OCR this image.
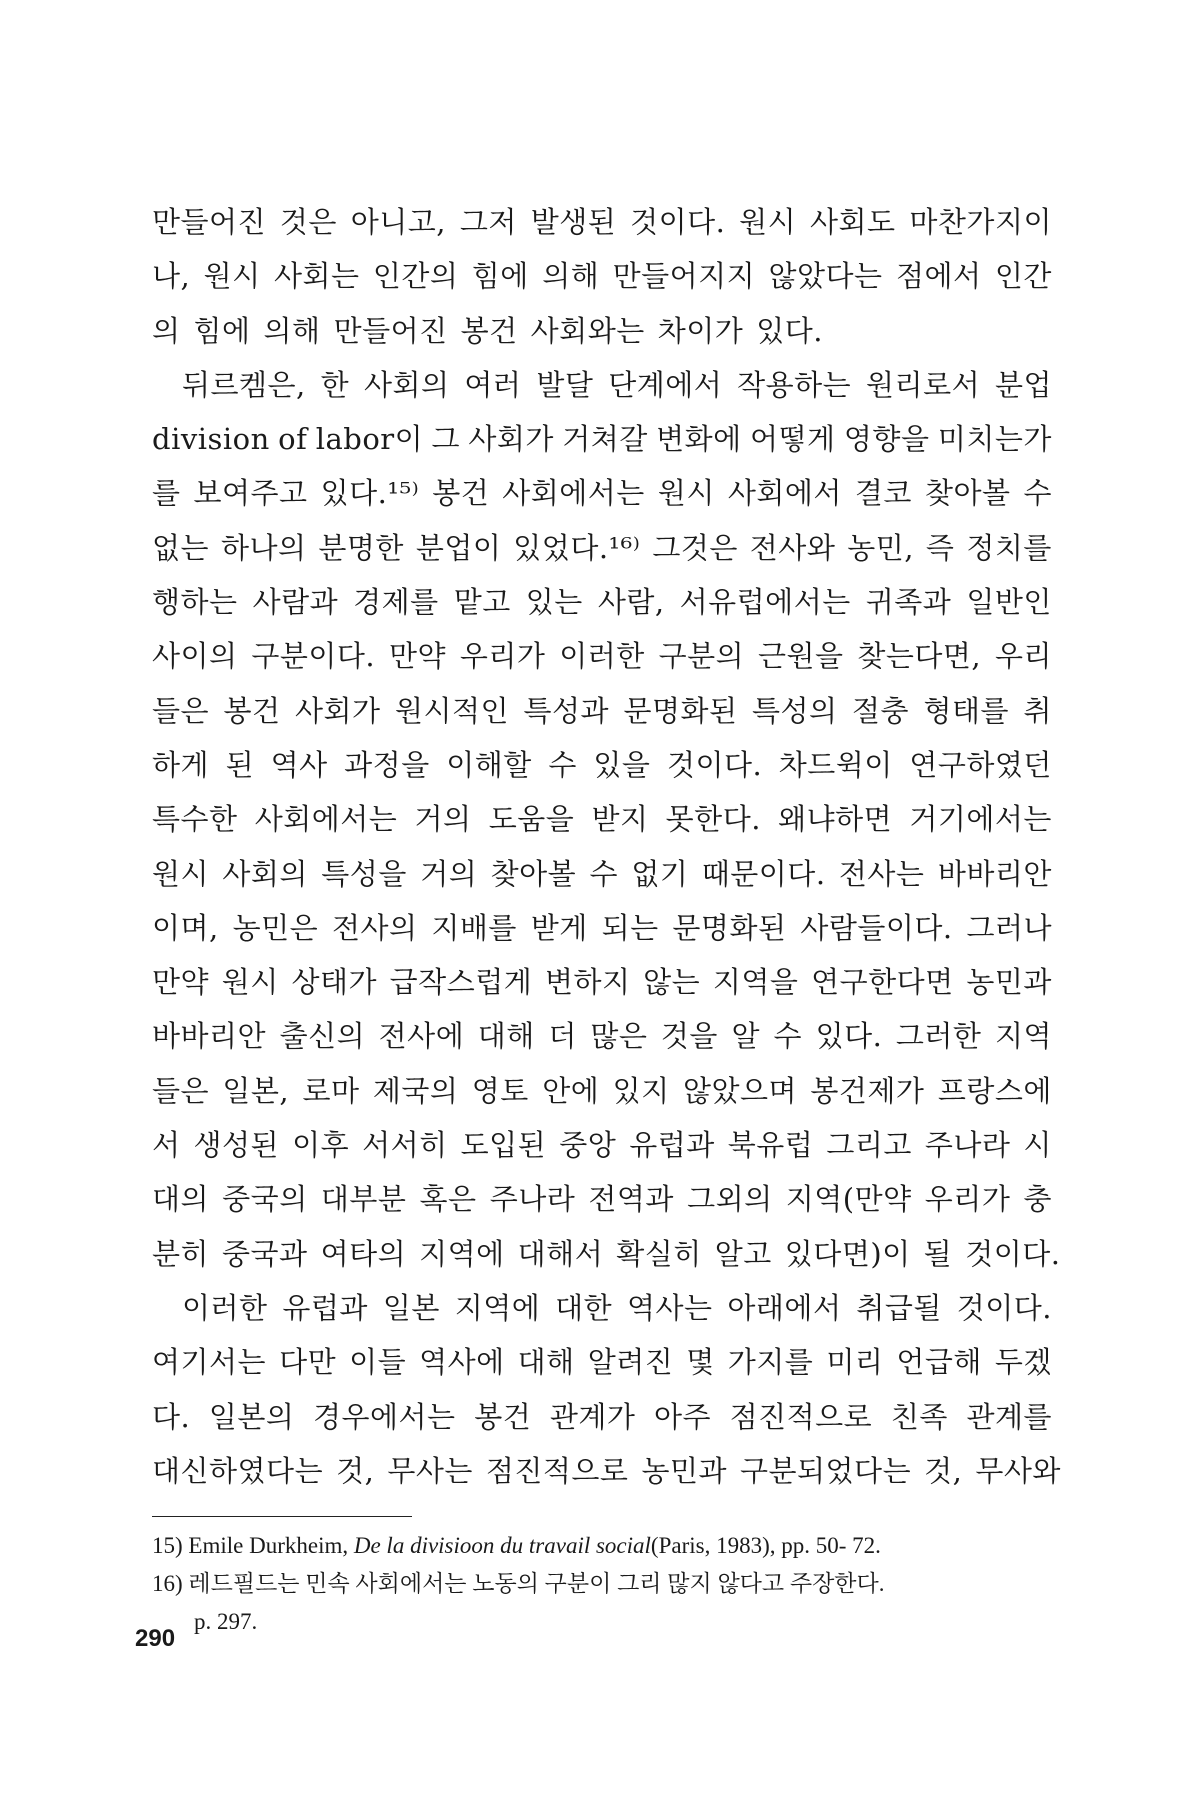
만들어진 것은 아니고, 그저 발생된 것이다. 원시 사회도 마찬가지이
나, 원시 사회는 인간의 힘에 의해 만들어지지 않았다는 점에서 인간
의 힘에 의해 만들어진 봉건 사회와는 차이가 있다.
뒤르켐은, 한 사회의 여러 발달 단계에서 작용하는 원리로서 분업
division of labor이 그 사회가 거쳐갈 변화에 어떻게 영향을 미치는가
를 보여주고 있다.¹⁵⁾ 봉건 사회에서는 원시 사회에서 결코 찾아볼 수
없는 하나의 분명한 분업이 있었다.¹⁶⁾ 그것은 전사와 농민, 즉 정치를
행하는 사람과 경제를 맡고 있는 사람, 서유럽에서는 귀족과 일반인
사이의 구분이다. 만약 우리가 이러한 구분의 근원을 찾는다면, 우리
들은 봉건 사회가 원시적인 특성과 문명화된 특성의 절충 형태를 취
하게 된 역사 과정을 이해할 수 있을 것이다. 차드윅이 연구하였던
특수한 사회에서는 거의 도움을 받지 못한다. 왜냐하면 거기에서는
원시 사회의 특성을 거의 찾아볼 수 없기 때문이다. 전사는 바바리안
이며, 농민은 전사의 지배를 받게 되는 문명화된 사람들이다. 그러나
만약 원시 상태가 급작스럽게 변하지 않는 지역을 연구한다면 농민과
바바리안 출신의 전사에 대해 더 많은 것을 알 수 있다. 그러한 지역
들은 일본, 로마 제국의 영토 안에 있지 않았으며 봉건제가 프랑스에
서 생성된 이후 서서히 도입된 중앙 유럽과 북유럽 그리고 주나라 시
대의 중국의 대부분 혹은 주나라 전역과 그외의 지역(만약 우리가 충
분히 중국과 여타의 지역에 대해서 확실히 알고 있다면)이 될 것이다.
이러한 유럽과 일본 지역에 대한 역사는 아래에서 취급될 것이다.
여기서는 다만 이들 역사에 대해 알려진 몇 가지를 미리 언급해 두겠
다. 일본의 경우에서는 봉건 관계가 아주 점진적으로 친족 관계를
대신하였다는 것, 무사는 점진적으로 농민과 구분되었다는 것, 무사와
15) Emile Durkheim, De la divisioon du travail social(Paris, 1983), pp. 50- 72.
16) 레드필드는 민속 사회에서는 노동의 구분이 그리 많지 않다고 주장한다.
p. 297.
290
